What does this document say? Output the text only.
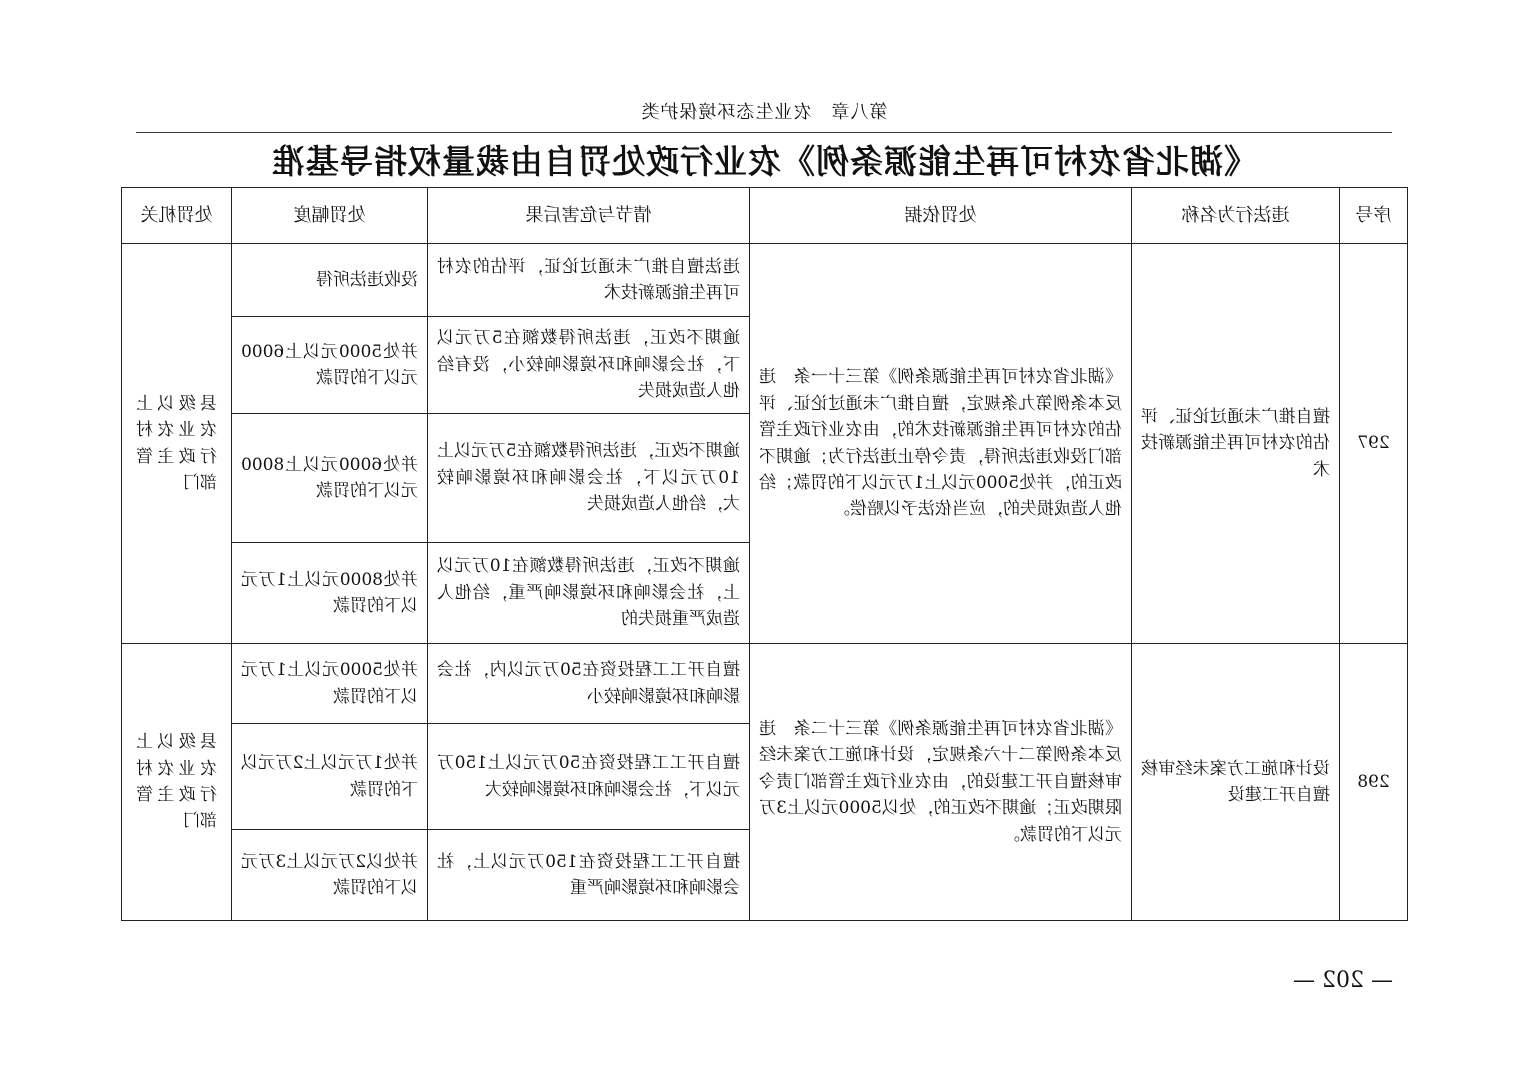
第八章　农业生态环境保护类
《湖北省农村可再生能源条例》农业行政处罚自由裁量权指导基准
处罚机关	处罚幅度	情节与危害后果	处罚依据	违法行为名称	序号

县级以上农业农村行政主管部门	没收违法所得	违法擅自推广未通过论证，评估的农村可再生能源新技术	《湖北省农村可再生能源条例》第三十一条　违反本条例第九条规定，擅自推广未通过论证、评估的农村可再生能源新技术的，由农业行政主管部门没收违法所得，责令停止违法行为；逾期不改正的，并处5000元以上1万元以下的罚款；给他人造成损失的，应当依法予以赔偿。	擅自推广未通过论证、评估的农村可再生能源新技术	297

	并处5000元以上6000元以下的罚款	逾期不改正，违法所得数额在5万元以下，社会影响和环境影响较小，没有给他人造成损失			

	并处6000元以上8000元以下的罚款	逾期不改正，违法所得数额在5万元以上10万元以下，社会影响和环境影响较大，给他人造成损失			

	并处8000元以上1万元以下的罚款	逾期不改正，违法所得数额在10万元以上，社会影响和环境影响严重，给他人造成严重损失的			

县级以上农业农村行政主管部门	并处5000元以上1万元以下的罚款	擅自开工工程投资在50万元以内，社会影响和环境影响较小	《湖北省农村可再生能源条例》第三十二条　违反本条例第二十六条规定，设计和施工方案未经审核擅自开工建设的，由农业行政主管部门责令限期改正；逾期不改正的，处以5000元以上3万元以下的罚款。	设计和施工方案未经审核擅自开工建设	298

	并处1万元以上2万元以下的罚款	擅自开工工程投资在50万元以上150万元以下，社会影响和环境影响较大			

	并处以2万元以上3万元以下的罚款	擅自开工工程投资在150万元以上，社会影响和环境影响严重			
— 202 —
